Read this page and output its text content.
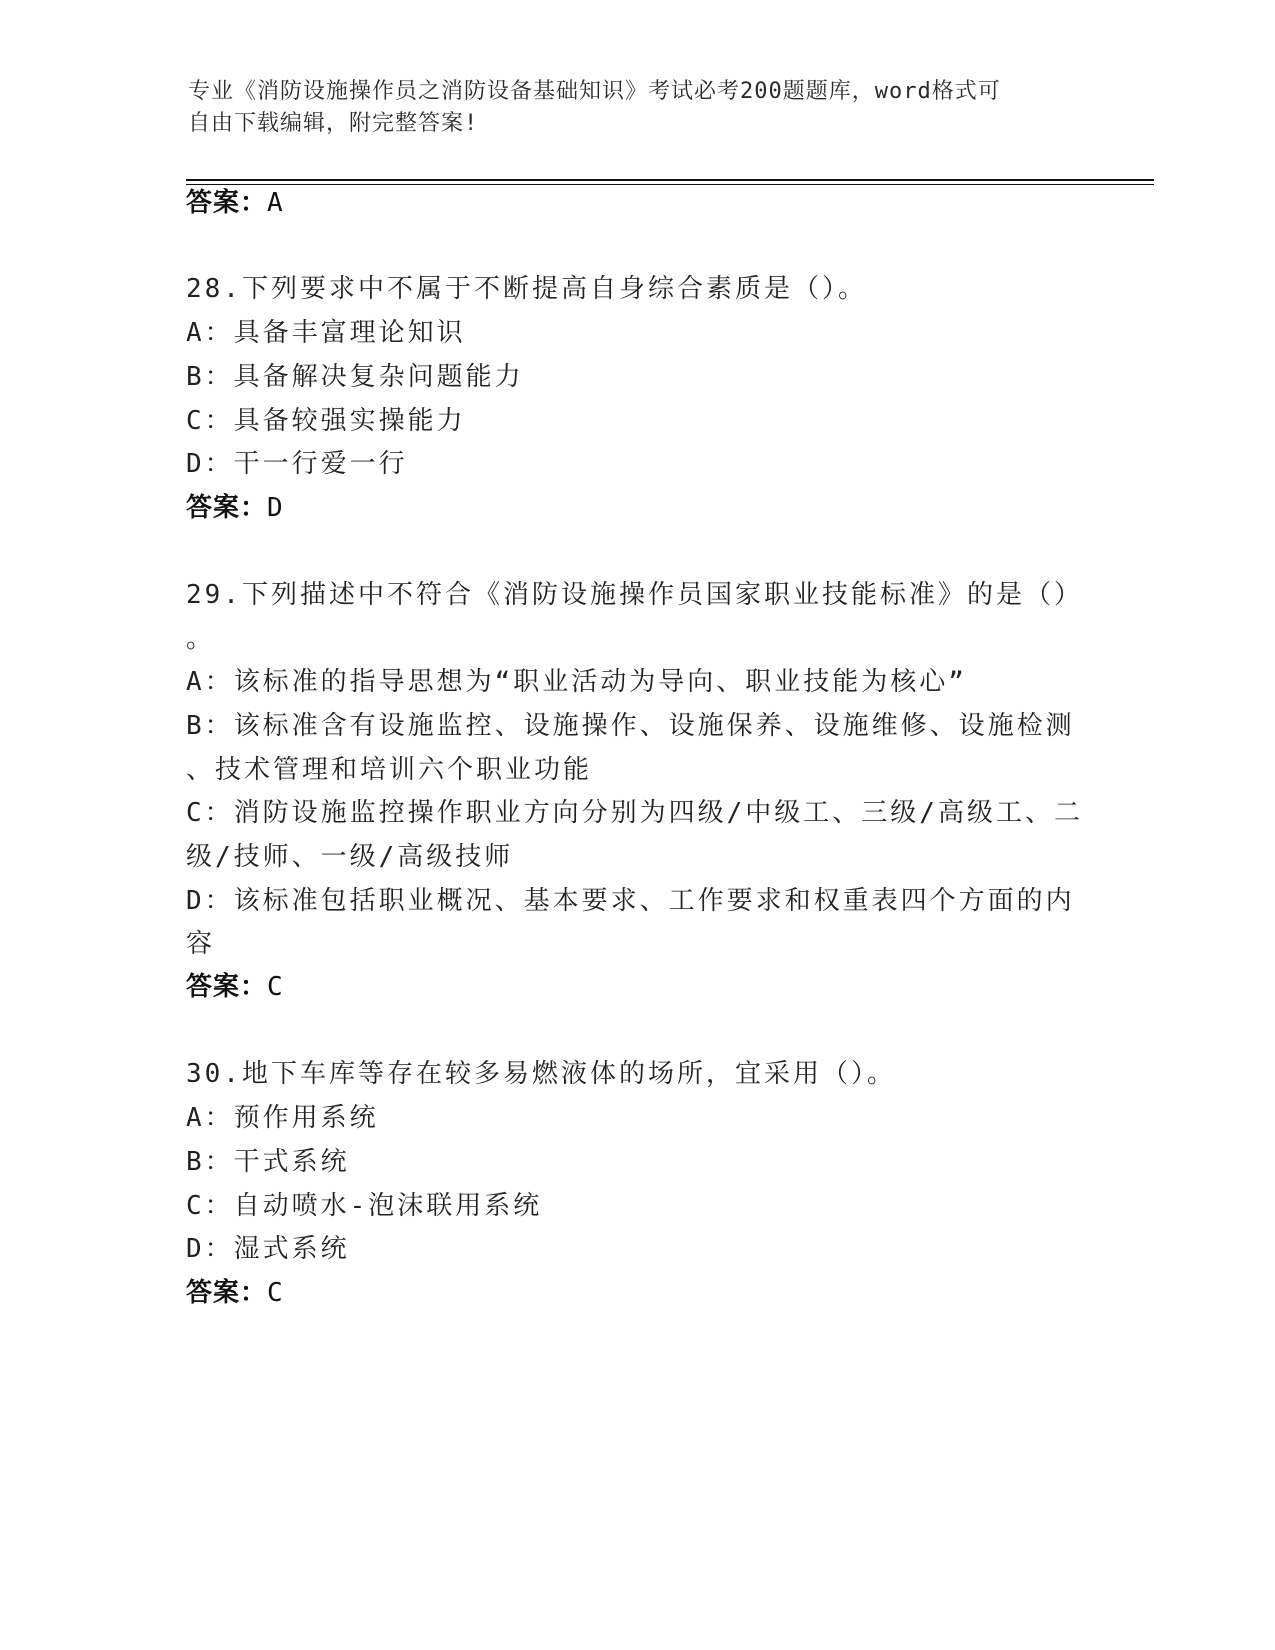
专业《消防设施操作员之消防设备基础知识》考试必考200题题库，word格式可
自由下载编辑，附完整答案!
答案：A
28.下列要求中不属于不断提高自身综合素质是（）。
A：具备丰富理论知识
B：具备解决复杂问题能力
C：具备较强实操能力
D：干一行爱一行
答案：D
29.下列描述中不符合《消防设施操作员国家职业技能标准》的是（）
。
A：该标准的指导思想为“职业活动为导向、职业技能为核心”
B：该标准含有设施监控、设施操作、设施保养、设施维修、设施检测
、技术管理和培训六个职业功能
C：消防设施监控操作职业方向分别为四级/中级工、三级/高级工、二
级/技师、一级/高级技师
D：该标准包括职业概况、基本要求、工作要求和权重表四个方面的内
容
答案：C
30.地下车库等存在较多易燃液体的场所，宜采用（）。
A：预作用系统
B：干式系统
C：自动喷水-泡沫联用系统
D：湿式系统
答案：C
